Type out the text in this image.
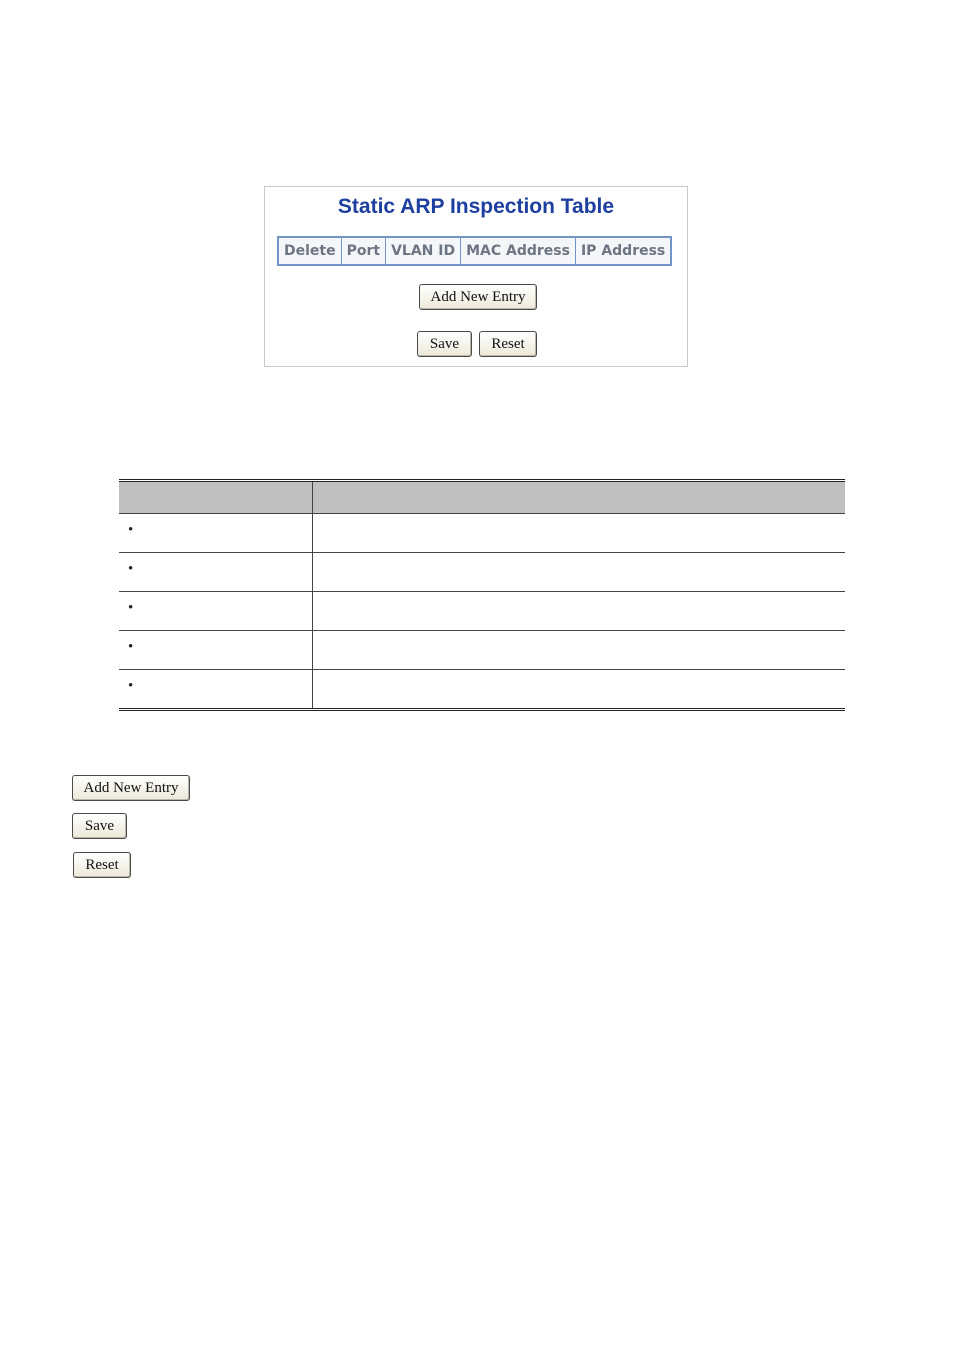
Static ARP Inspection Table
Delete	Port	VLAN ID	MAC Address	IP Address
Add New Entry
Save	Reset
•
•
•
•
•
Add New Entry
Save
Reset
